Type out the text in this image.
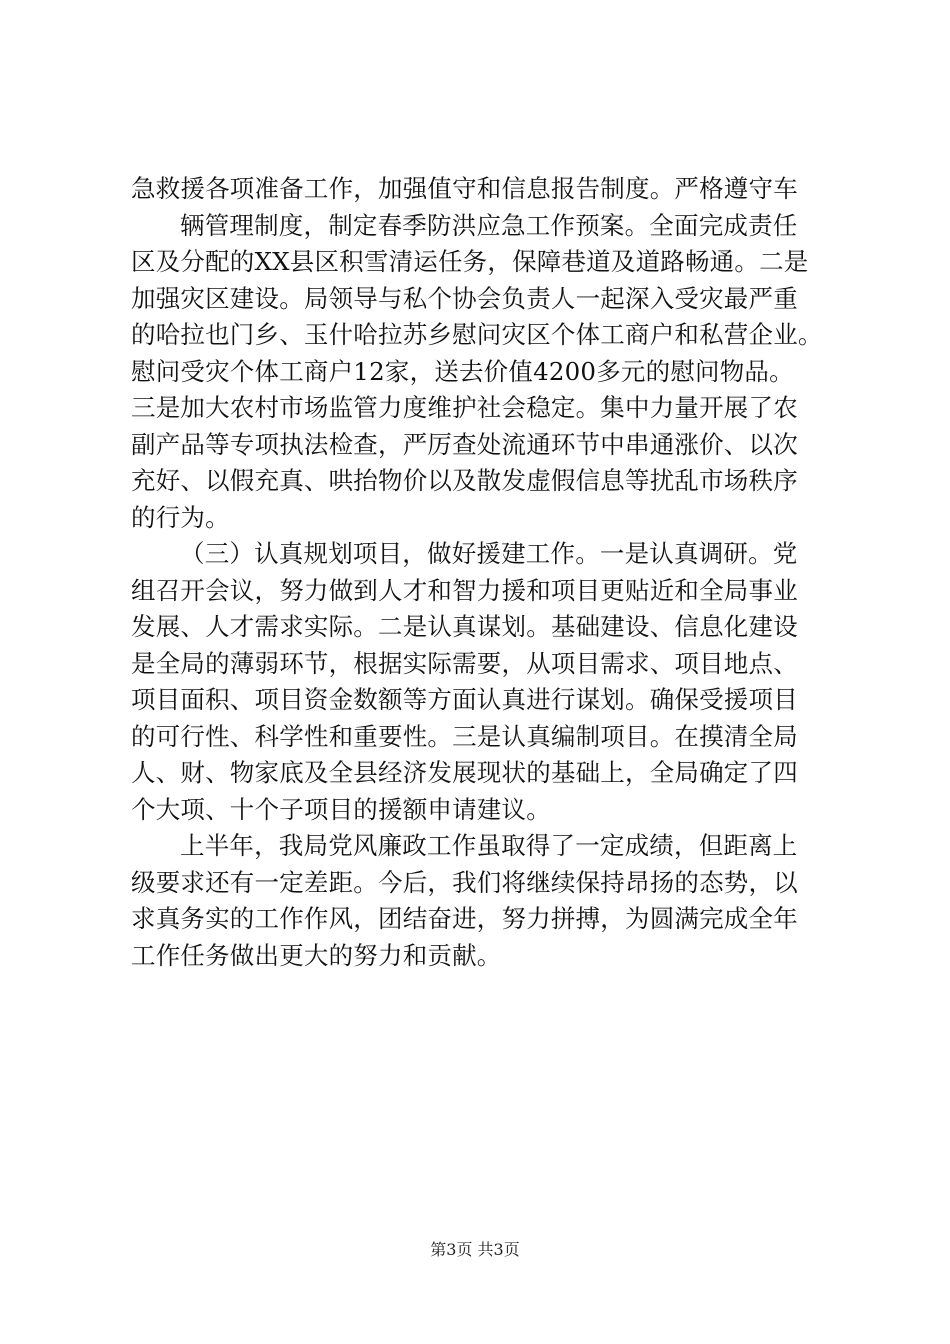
急救援各项准备工作，加强值守和信息报告制度。严格遵守车
辆管理制度，制定春季防洪应急工作预案。全面完成责任
区及分配的XX县区积雪清运任务，保障巷道及道路畅通。二是
加强灾区建设。局领导与私个协会负责人一起深入受灾最严重
的哈拉也门乡、玉什哈拉苏乡慰问灾区个体工商户和私营企业。
慰问受灾个体工商户12家，送去价值4200多元的慰问物品。
三是加大农村市场监管力度维护社会稳定。集中力量开展了农
副产品等专项执法检查，严厉查处流通环节中串通涨价、以次
充好、以假充真、哄抬物价以及散发虚假信息等扰乱市场秩序
的行为。
（三）认真规划项目，做好援建工作。一是认真调研。党
组召开会议，努力做到人才和智力援和项目更贴近和全局事业
发展、人才需求实际。二是认真谋划。基础建设、信息化建设
是全局的薄弱环节，根据实际需要，从项目需求、项目地点、
项目面积、项目资金数额等方面认真进行谋划。确保受援项目
的可行性、科学性和重要性。三是认真编制项目。在摸清全局
人、财、物家底及全县经济发展现状的基础上，全局确定了四
个大项、十个子项目的援额申请建议。
上半年，我局党风廉政工作虽取得了一定成绩，但距离上
级要求还有一定差距。今后，我们将继续保持昂扬的态势，以
求真务实的工作作风，团结奋进，努力拼搏，为圆满完成全年
工作任务做出更大的努力和贡献。
第3页 共3页
